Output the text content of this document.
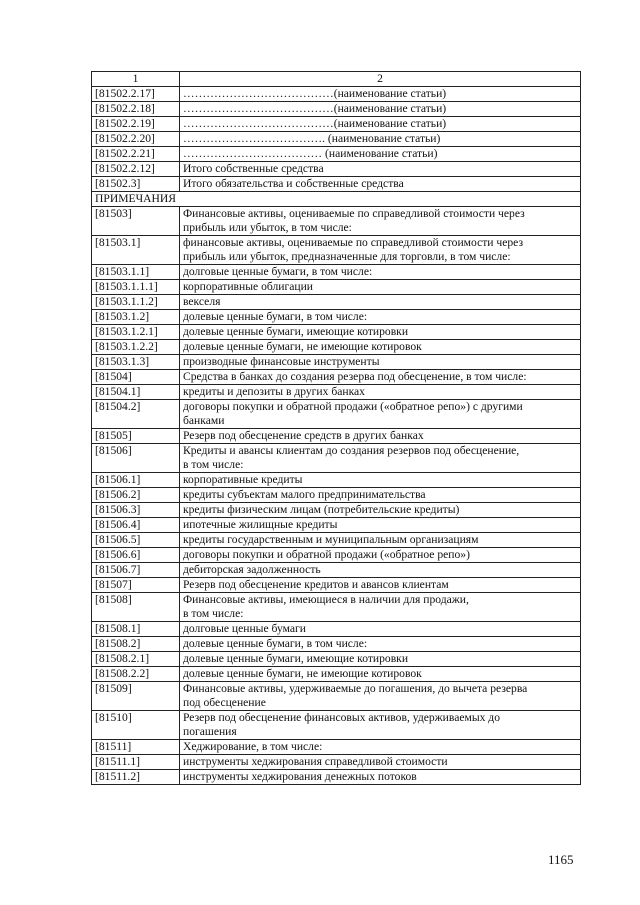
1	2
[81502.2.17]	…………………………………(наименование статьи)
[81502.2.18]	…………………………………(наименование статьи)
[81502.2.19]	…………………………………(наименование статьи)
[81502.2.20]	………………………………. (наименование статьи)
[81502.2.21]	……………………………… (наименование статьи)
[81502.2.12]	Итого собственные средства
[81502.3]	Итого обязательства и собственные средства
ПРИМЕЧАНИЯ	
[81503]	Финансовые активы, оцениваемые по справедливой стоимости через
прибыль или убыток, в том числе:

[81503.1]	финансовые активы, оцениваемые по справедливой стоимости через
прибыль или убыток, предназначенные для торговли, в том числе:

[81503.1.1]	долговые ценные бумаги, в том числе:
[81503.1.1.1]	корпоративные облигации
[81503.1.1.2]	векселя
[81503.1.2]	долевые ценные бумаги, в том числе:
[81503.1.2.1]	долевые ценные бумаги, имеющие котировки
[81503.1.2.2]	долевые ценные бумаги, не имеющие котировок
[81503.1.3]	производные финансовые инструменты
[81504]	Средства в банках до создания резерва под обесценение, в том числе:
[81504.1]	кредиты и депозиты в других банках
[81504.2]	договоры покупки и обратной продажи («обратное репо») с другими
банками

[81505]	Резерв под обесценение средств в других банках
[81506]	Кредиты и авансы клиентам до создания резервов под обесценение,
в том числе:

[81506.1]	корпоративные кредиты
[81506.2]	кредиты субъектам малого предпринимательства
[81506.3]	кредиты физическим лицам (потребительские кредиты)
[81506.4]	ипотечные жилищные кредиты
[81506.5]	кредиты государственным и муниципальным организациям
[81506.6]	договоры покупки и обратной продажи («обратное репо»)
[81506.7]	дебиторская задолженность
[81507]	Резерв под обесценение кредитов и авансов клиентам
[81508]	Финансовые активы, имеющиеся в наличии для продажи,
в том числе:

[81508.1]	долговые ценные бумаги
[81508.2]	долевые ценные бумаги, в том числе:
[81508.2.1]	долевые ценные бумаги, имеющие котировки
[81508.2.2]	долевые ценные бумаги, не имеющие котировок
[81509]	Финансовые активы, удерживаемые до погашения, до вычета резерва
под обесценение

[81510]	Резерв под обесценение финансовых активов, удерживаемых до
погашения

[81511]	Хеджирование, в том числе:
[81511.1]	инструменты хеджирования справедливой стоимости
[81511.2]	инструменты хеджирования денежных потоков
1165
